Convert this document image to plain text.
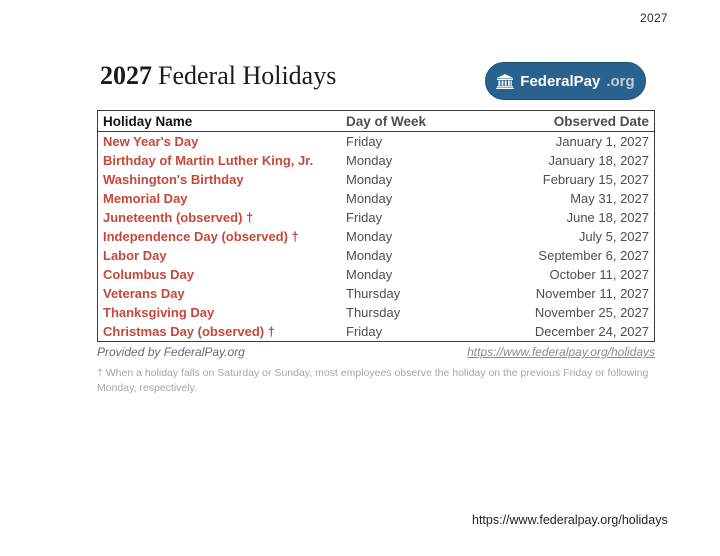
2027
2027 Federal Holidays	FederalPay .org
Holiday Name	Day of Week	Observed Date
New Year's Day	Friday	January 1, 2027
Birthday of Martin Luther King, Jr.	Monday	January 18, 2027
Washington's Birthday	Monday	February 15, 2027
Memorial Day	Monday	May 31, 2027
Juneteenth (observed) †	Friday	June 18, 2027
Independence Day (observed) †	Monday	July 5, 2027
Labor Day	Monday	September 6, 2027
Columbus Day	Monday	October 11, 2027
Veterans Day	Thursday	November 11, 2027
Thanksgiving Day	Thursday	November 25, 2027
Christmas Day (observed) †	Friday	December 24, 2027
Provided by FederalPay.org	https://www.federalpay.org/holidays
† When a holiday falls on Saturday or Sunday, most employees observe the holiday on the previous Friday or following Monday, respectively.
https://www.federalpay.org/holidays
